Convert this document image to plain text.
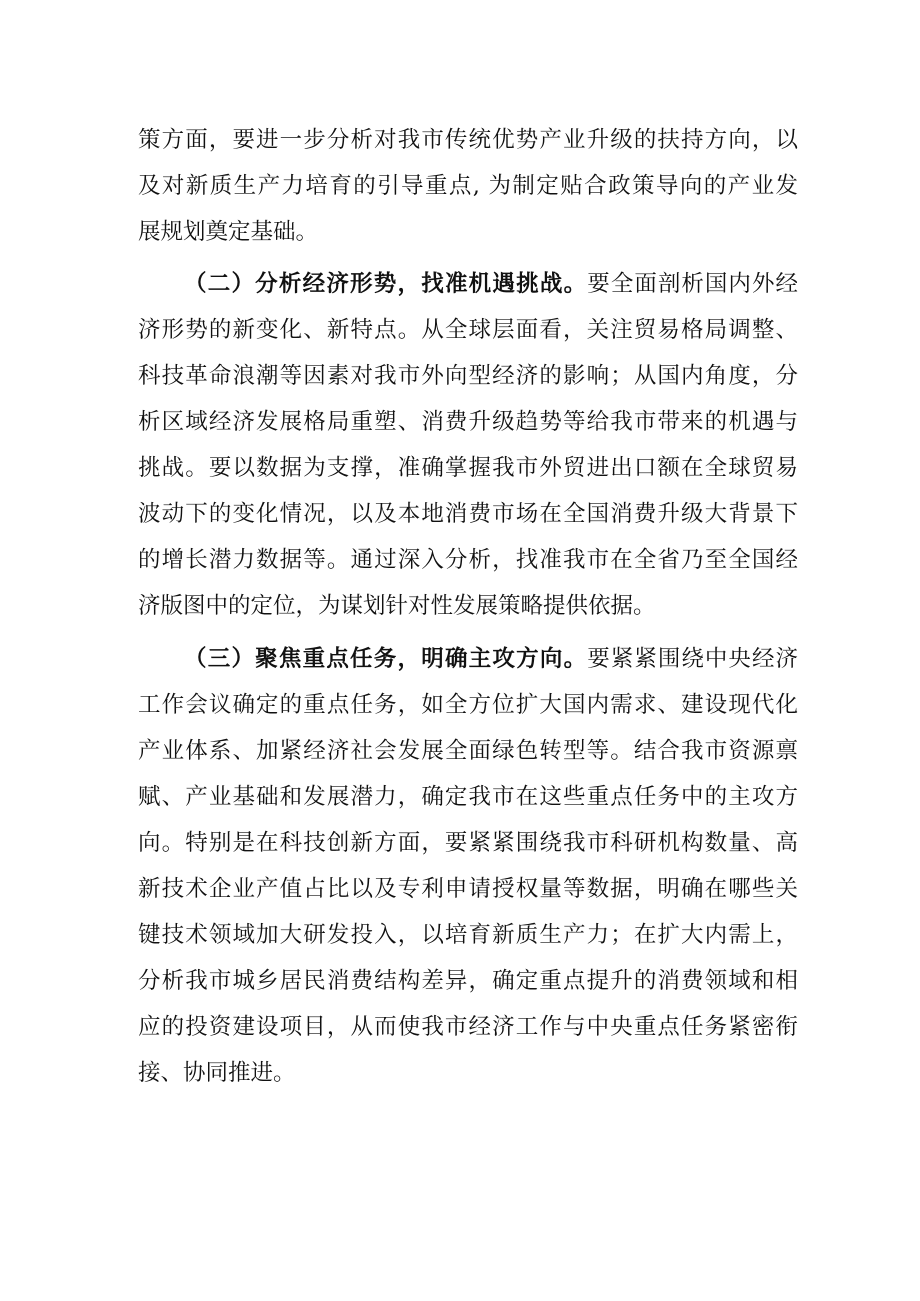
策方面，要进一步分析对我市传统优势产业升级的扶持方向，以

及对新质生产力培育的引导重点, 为制定贴合政策导向的产业发

展规划奠定基础。

（二）分析经济形势，找准机遇挑战。要全面剖析国内外经

济形势的新变化、新特点。从全球层面看，关注贸易格局调整、

科技革命浪潮等因素对我市外向型经济的影响；从国内角度，分

析区域经济发展格局重塑、消费升级趋势等给我市带来的机遇与

挑战。要以数据为支撑，准确掌握我市外贸进出口额在全球贸易

波动下的变化情况，以及本地消费市场在全国消费升级大背景下

的增长潜力数据等。通过深入分析，找准我市在全省乃至全国经

济版图中的定位，为谋划针对性发展策略提供依据。

（三）聚焦重点任务，明确主攻方向。要紧紧围绕中央经济

工作会议确定的重点任务，如全方位扩大国内需求、建设现代化

产业体系、加紧经济社会发展全面绿色转型等。结合我市资源禀

赋、产业基础和发展潜力，确定我市在这些重点任务中的主攻方

向。特别是在科技创新方面，要紧紧围绕我市科研机构数量、高

新技术企业产值占比以及专利申请授权量等数据，明确在哪些关

键技术领域加大研发投入，以培育新质生产力；在扩大内需上，

分析我市城乡居民消费结构差异，确定重点提升的消费领域和相

应的投资建设项目，从而使我市经济工作与中央重点任务紧密衔

接、协同推进。
